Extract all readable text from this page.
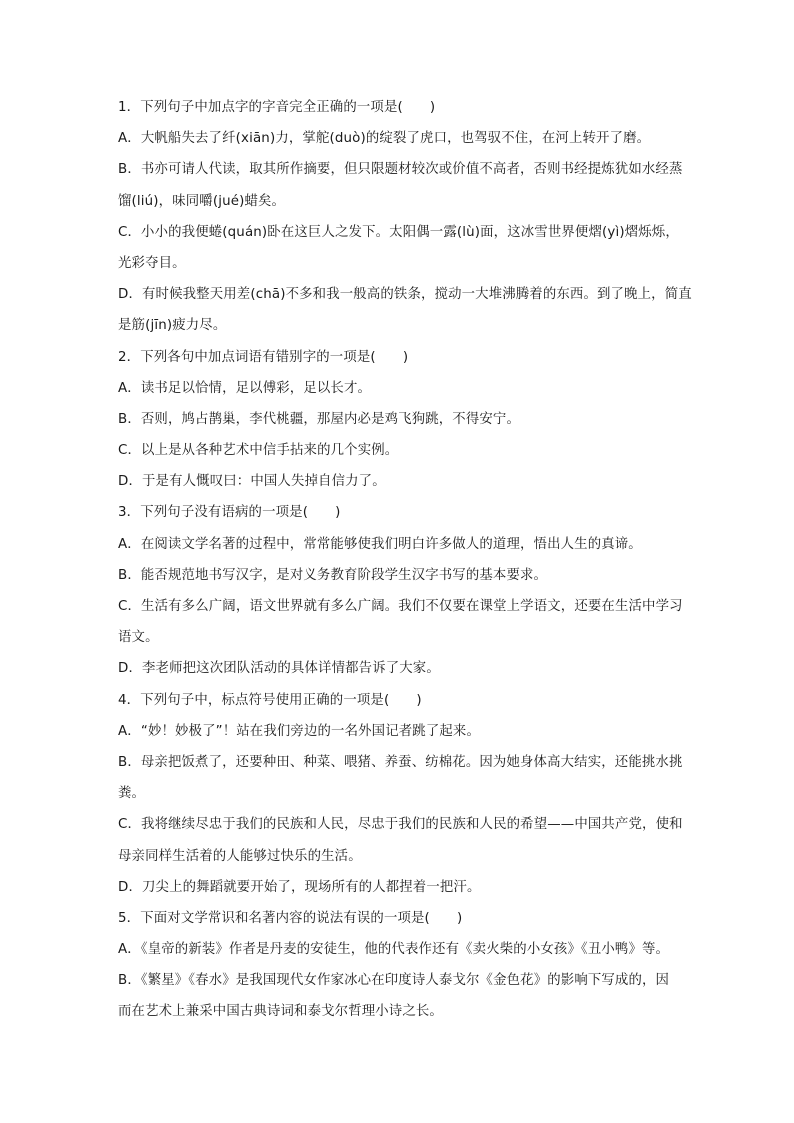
1．下列句子中加点字的字音完全正确的一项是(　　)
A．大帆船失去了纤(xiān)力，掌舵(duò)的绽裂了虎口，也驾驭不住，在河上转开了磨。
B．书亦可请人代读，取其所作摘要，但只限题材较次或价值不高者，否则书经提炼犹如水经蒸
馏(liú)，味同嚼(jué)蜡矣。
C．小小的我便蜷(quán)卧在这巨人之发下。太阳偶一露(lù)面，这冰雪世界便熠(yì)熠烁烁，
光彩夺目。
D．有时候我整天用差(chā)不多和我一般高的铁条，搅动一大堆沸腾着的东西。到了晚上，简直
是筋(jīn)疲力尽。
2．下列各句中加点词语有错别字的一项是(　　)
A．读书足以恰情，足以傅彩，足以长才。
B．否则，鸠占鹊巢，李代桃疆，那屋内必是鸡飞狗跳，不得安宁。
C．以上是从各种艺术中信手拈来的几个实例。
D．于是有人慨叹曰：中国人失掉自信力了。
3．下列句子没有语病的一项是(　　)
A．在阅读文学名著的过程中，常常能够使我们明白许多做人的道理，悟出人生的真谛。
B．能否规范地书写汉字，是对义务教育阶段学生汉字书写的基本要求。
C．生活有多么广阔，语文世界就有多么广阔。我们不仅要在课堂上学语文，还要在生活中学习
语文。
D．李老师把这次团队活动的具体详情都告诉了大家。
4．下列句子中，标点符号使用正确的一项是(　　)
A．“妙！妙极了”！站在我们旁边的一名外国记者跳了起来。
B．母亲把饭煮了，还要种田、种菜、喂猪、养蚕、纺棉花。因为她身体高大结实，还能挑水挑
粪。
C．我将继续尽忠于我们的民族和人民，尽忠于我们的民族和人民的希望——中国共产党，使和
母亲同样生活着的人能够过快乐的生活。
D．刀尖上的舞蹈就要开始了，现场所有的人都捏着一把汗。
5．下面对文学常识和名著内容的说法有误的一项是(　　)
A．《皇帝的新装》作者是丹麦的安徒生，他的代表作还有《卖火柴的小女孩》《丑小鸭》等。
B．《繁星》《春水》是我国现代女作家冰心在印度诗人泰戈尔《金色花》的影响下写成的，因
而在艺术上兼采中国古典诗词和泰戈尔哲理小诗之长。
